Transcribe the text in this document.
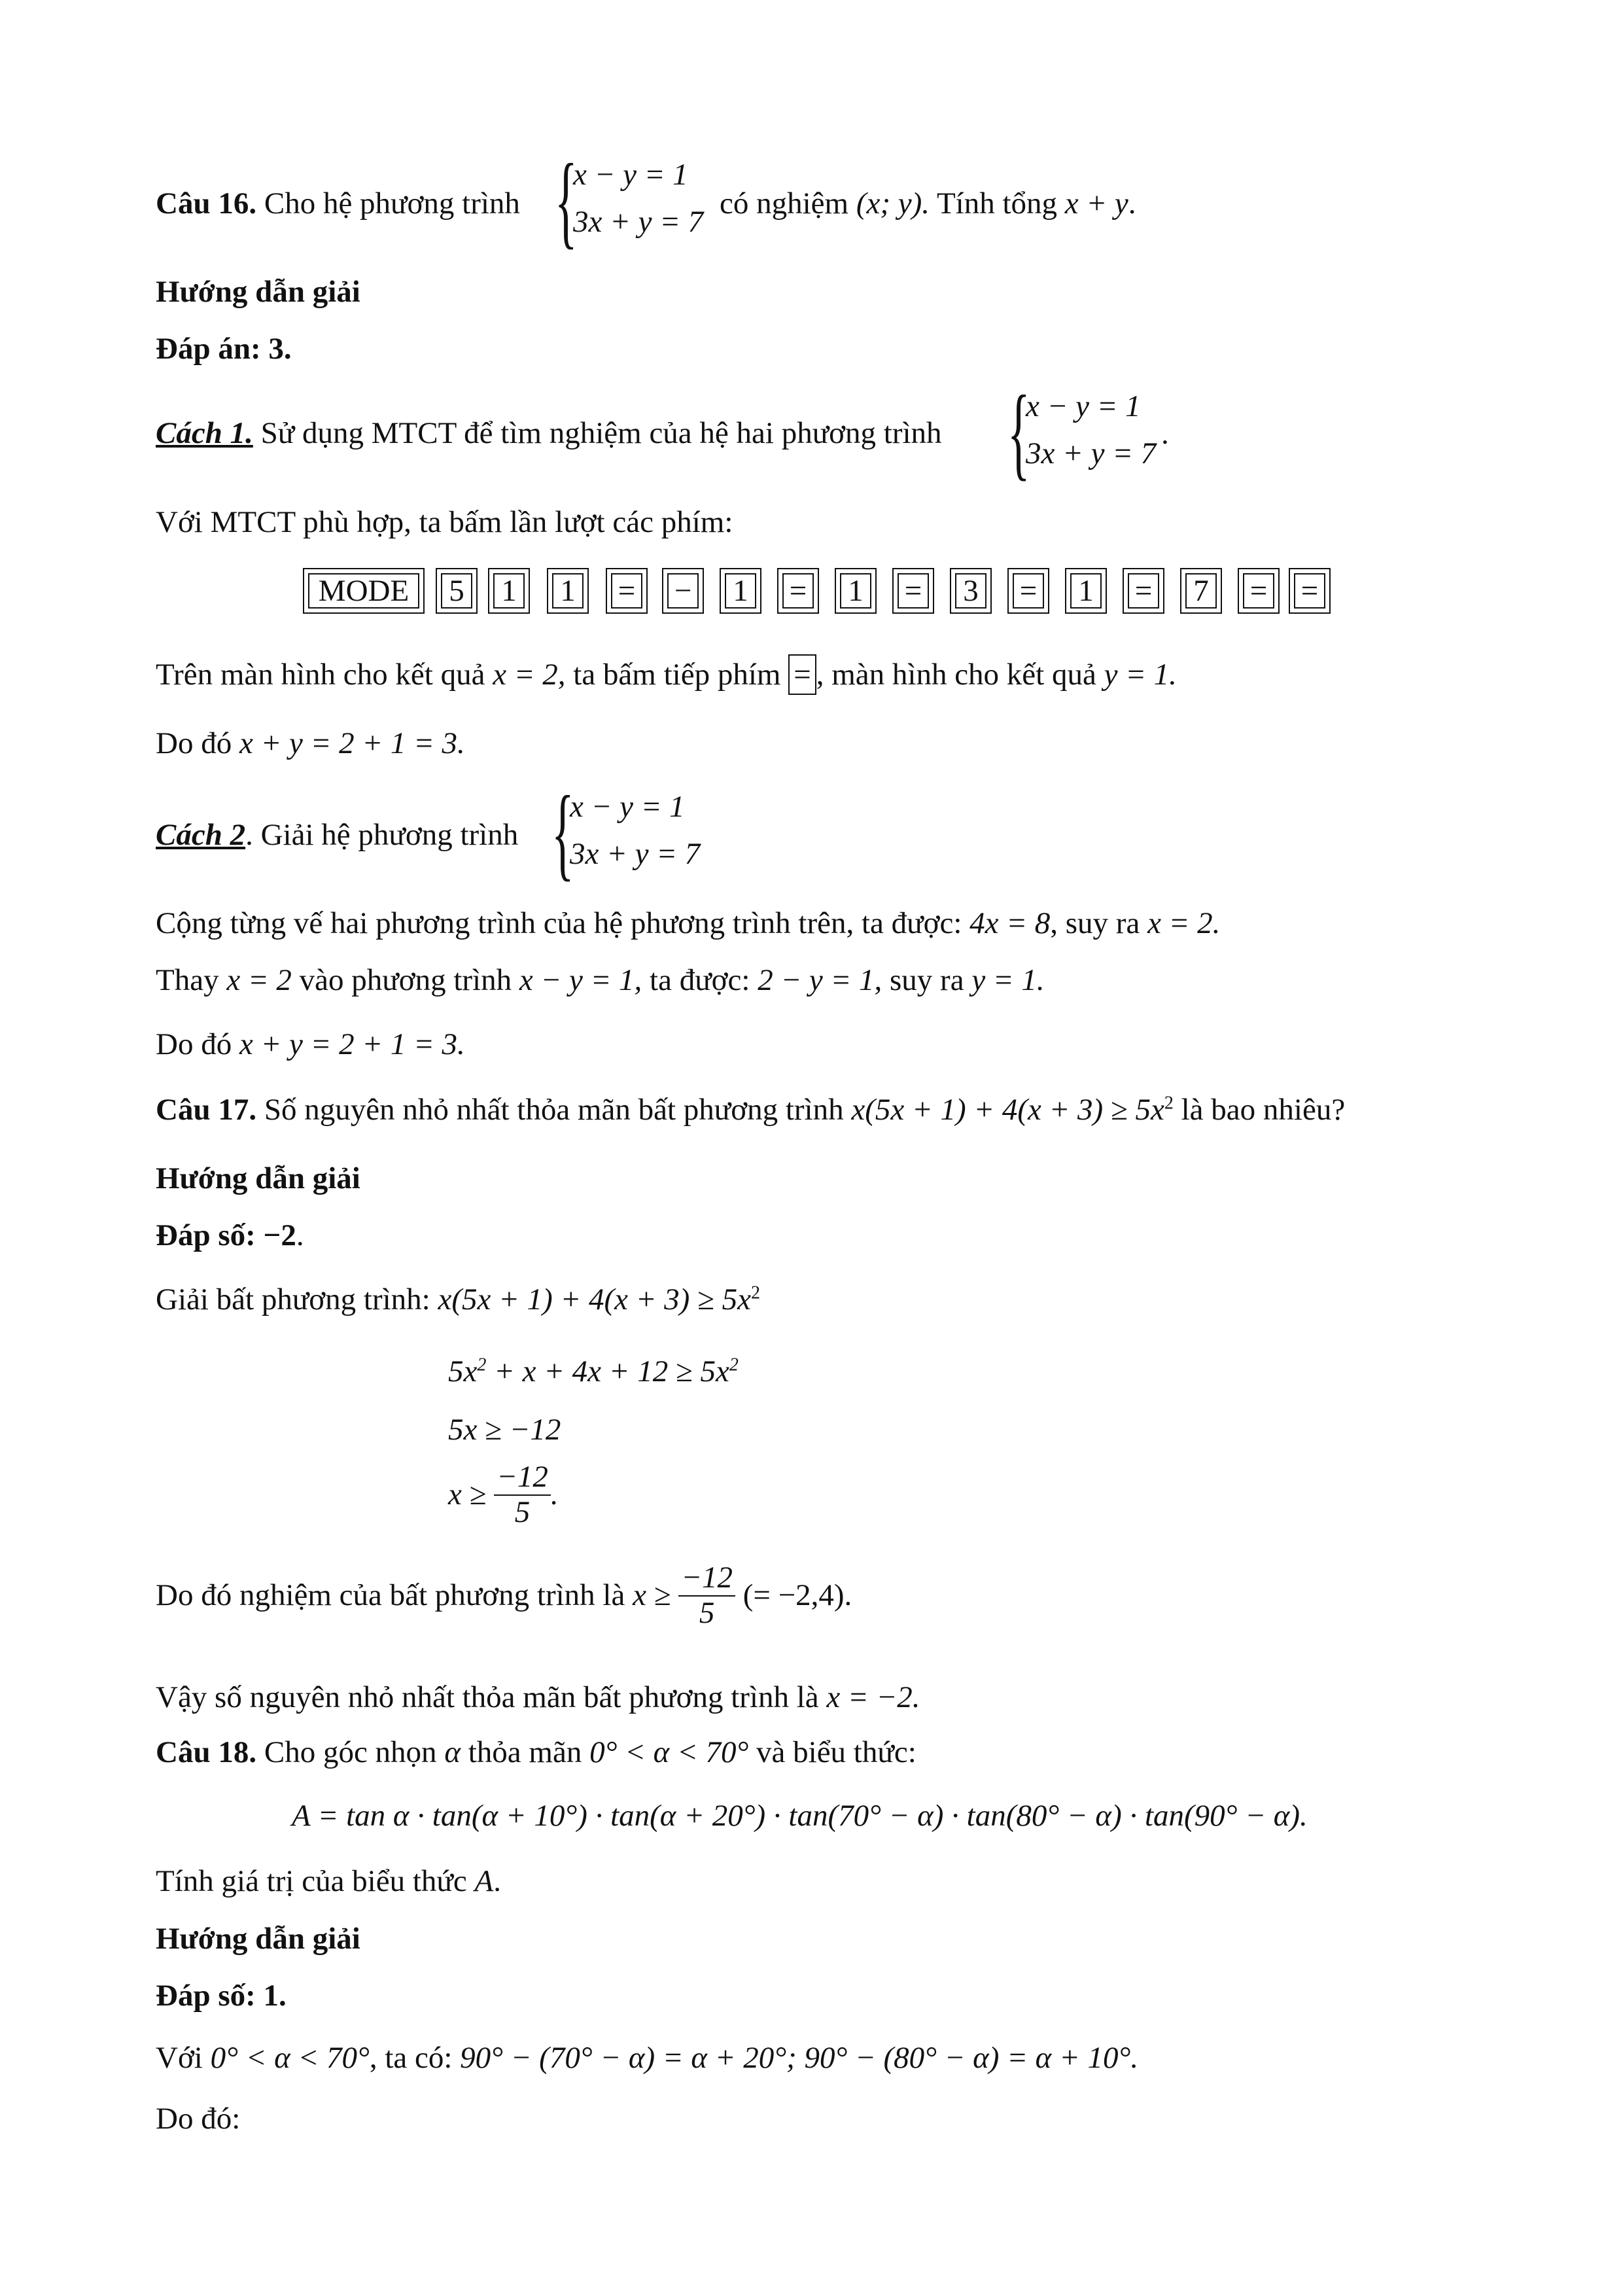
Câu 16. Cho hệ phương trình {
x − y = 1
3x + y = 7
có nghiệm (x; y). Tính tổng x + y.
Hướng dẫn giải
Đáp án: 3.
Cách 1. Sử dụng MTCT để tìm nghiệm của hệ hai phương trình {
x − y = 1
3x + y = 7
.
Với MTCT phù hợp, ta bấm lần lượt các phím:
MODE	5	1	1	=	−	1	=	1	=	3	=	1	=	7	=	=
Trên màn hình cho kết quả x = 2, ta bấm tiếp phím = , màn hình cho kết quả y = 1.
Do đó x + y = 2 + 1 = 3.
Cách 2. Giải hệ phương trình {
x − y = 1
3x + y = 7
Cộng từng vế hai phương trình của hệ phương trình trên, ta được: 4x = 8, suy ra x = 2.
Thay x = 2 vào phương trình x − y = 1, ta được: 2 − y = 1, suy ra y = 1.
Do đó x + y = 2 + 1 = 3.
Câu 17. Số nguyên nhỏ nhất thỏa mãn bất phương trình $x(5x + 1) + 4(x + 3) \ge 5x^2$ là bao nhiêu?
Hướng dẫn giải
Đáp số: −2.
Giải bất phương trình: $x(5x + 1) + 4(x + 3) \ge 5x^2$
$5x^2 + x + 4x + 12 \ge 5x^2$
5x ≥ −12
$x \ge \frac{-12}{5}$ .
Do đó nghiệm của bất phương trình là $x \ge \frac{-12}{5}$ (= −2,4).
Vậy số nguyên nhỏ nhất thỏa mãn bất phương trình là x = −2.
Câu 18. Cho góc nhọn α thỏa mãn 0° < α < 70° và biểu thức:
A = tan α · tan(α + 10°) · tan(α + 20°) · tan(70° − α) · tan(80° − α) · tan(90° − α).
Tính giá trị của biểu thức A.
Hướng dẫn giải
Đáp số: 1.
Với 0° < α < 70°, ta có: 90° − (70° − α) = α + 20°; 90° − (80° − α) = α + 10°.
Do đó:
